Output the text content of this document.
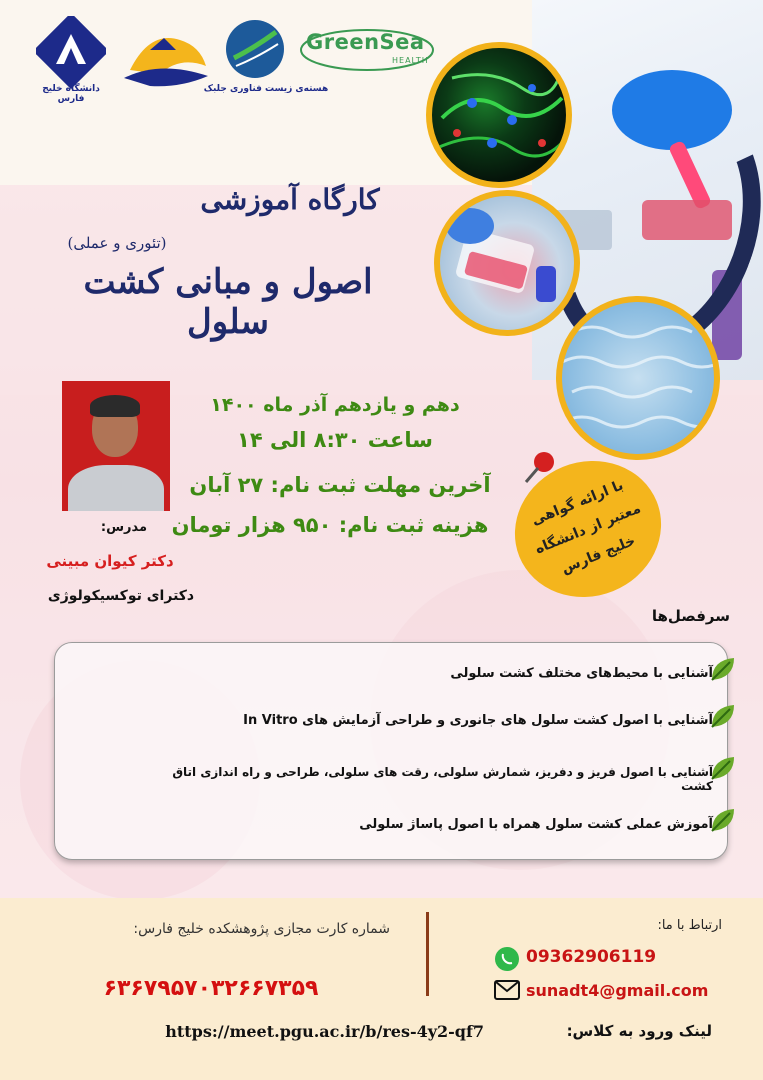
دانشگاه خلیج فارس
هسته‌ی زیست فناوری جلبک
GreenSea
HEALTH
کارگاه آموزشی
(تئوری و عملی)
اصول و مبانی کشت سلول
مدرس:
دکتر کیوان مبینی
دکترای توکسیکولوژی
دهم و یازدهم آذر ماه ۱۴۰۰
ساعت ۸:۳۰ الی ۱۴
آخرین مهلت ثبت نام: ۲۷ آبان
هزینه ثبت نام: ۹۵۰ هزار تومان	با ارائه گواهی معتبر از دانشگاه خلیج فارس
سرفصل‌ها
آشنایی با محیط‌های مختلف کشت سلولی
آشنایی با اصول کشت سلول های جانوری و طراحی آزمایش های In Vitro
آشنایی با اصول فریز و دفریز، شمارش سلولی، رقت های سلولی، طراحی و راه اندازی اتاق کشت
آموزش عملی کشت سلول همراه با اصول پاساژ سلولی
ارتباط با ما:
09362906119
sunadt4@gmail.com
شماره کارت مجازی پژوهشکده خلیج فارس:
۶۳۶۷۹۵۷۰۳۲۶۶۷۳۵۹
لینک ورود به کلاس:
https://meet.pgu.ac.ir/b/res-4y2-qf7
